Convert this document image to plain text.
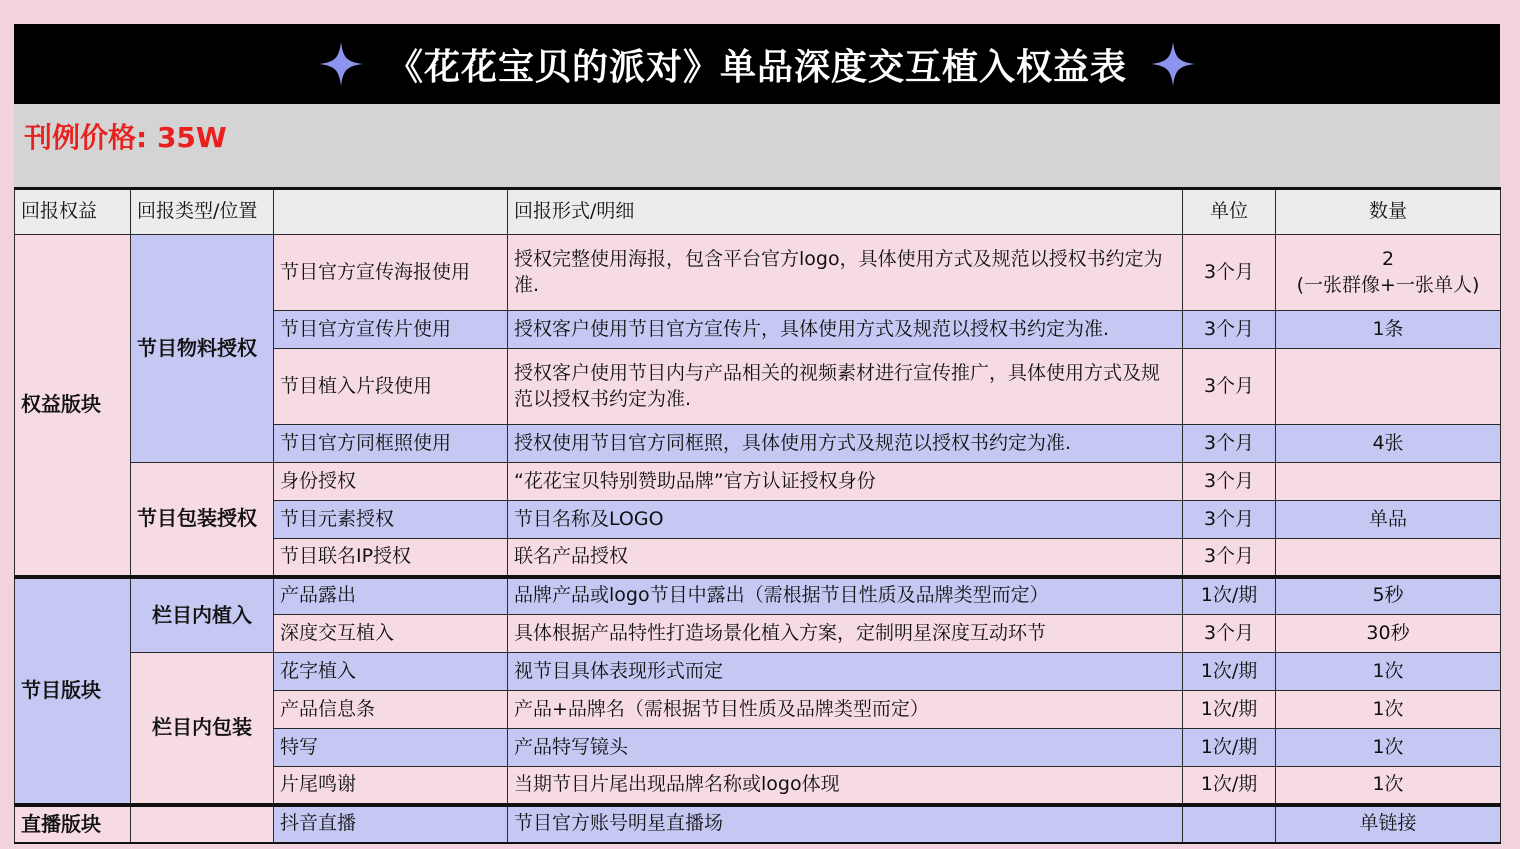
《花花宝贝的派对》单品深度交互植入权益表
刊例价格: 35W
回报权益	回报类型/位置		回报形式/明细	单位	数量
权益版块	节目物料授权	节目官方宣传海报使用	授权完整使用海报，包含平台官方logo，具体使用方式及规范以授权书约定为准.	3个月	2
(一张群像+一张单人)

		节目官方宣传片使用	授权客户使用节目官方宣传片，具体使用方式及规范以授权书约定为准.	3个月	1条
		节目植入片段使用	授权客户使用节目内与产品相关的视频素材进行宣传推广，具体使用方式及规范以授权书约定为准.	3个月	
		节目官方同框照使用	授权使用节目官方同框照，具体使用方式及规范以授权书约定为准.	3个月	4张
	节目包装授权	身份授权	“花花宝贝特别赞助品牌”官方认证授权身份	3个月	
		节目元素授权	节目名称及LOGO	3个月	单品
		节目联名IP授权	联名产品授权	3个月	
节目版块	栏目内植入	产品露出	品牌产品或logo节目中露出（需根据节目性质及品牌类型而定）	1次/期	5秒
		深度交互植入	具体根据产品特性打造场景化植入方案，定制明星深度互动环节	3个月	30秒
	栏目内包装	花字植入	视节目具体表现形式而定	1次/期	1次
		产品信息条	产品+品牌名（需根据节目性质及品牌类型而定）	1次/期	1次
		特写	产品特写镜头	1次/期	1次
		片尾鸣谢	当期节目片尾出现品牌名称或logo体现	1次/期	1次
直播版块		抖音直播	节目官方账号明星直播场		单链接
